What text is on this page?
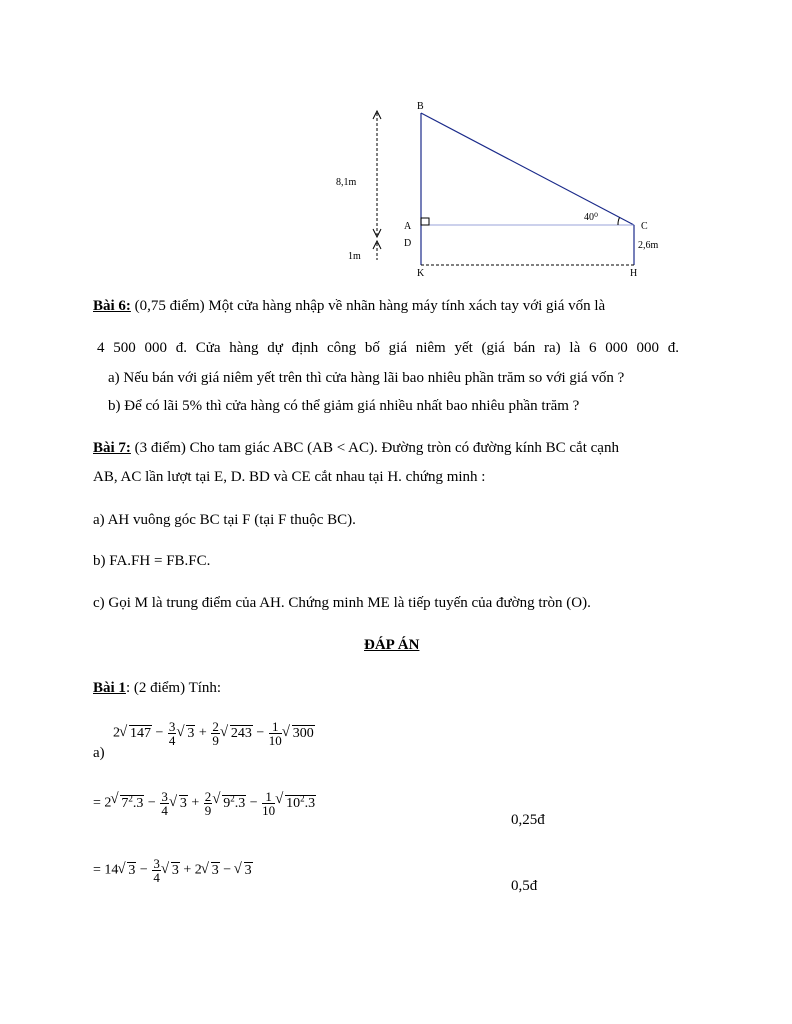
B
A
D
K
C
H
8,1m
1m
2,6m
40⁰
Bài 6: (0,75 điểm) Một cửa hàng nhập về nhãn hàng máy tính xách tay với giá vốn là
4 500 000 đ. Cửa hàng dự định công bố giá niêm yết (giá bán ra) là 6 000 000 đ.
a) Nếu bán với giá niêm yết trên thì cửa hàng lãi bao nhiêu phần trăm so với giá vốn ?
b) Để có lãi 5% thì cửa hàng có thể giảm giá nhiều nhất bao nhiêu phần trăm ?
Bài 7: (3 điểm) Cho tam giác ABC (AB < AC). Đường tròn có đường kính BC cắt cạnh
AB, AC lần lượt tại E, D. BD và CE cắt nhau tại H. chứng minh :
a) AH vuông góc BC tại F (tại F thuộc BC).
b) FA.FH = FB.FC.
c) Gọi M là trung điểm của AH. Chứng minh ME là tiếp tuyến của đường tròn (O).
ĐÁP ÁN
Bài 1: (2 điểm) Tính:
a)
2 √ $147 - \frac{3}{4}$ √ $3 + \frac{2}{9}$ √ $243 - \frac{1}{10}$ √ 300
= 2 √ $7^2.3 - \frac{3}{4}$ √ $3 + \frac{2}{9}$ √ $9^2.3 - \frac{1}{10}$ √ $10^2.3$
0,25đ
= 14 √ $3 - \frac{3}{4}$ √ 3 + 2 √ 3 − √ 3
0,5đ
